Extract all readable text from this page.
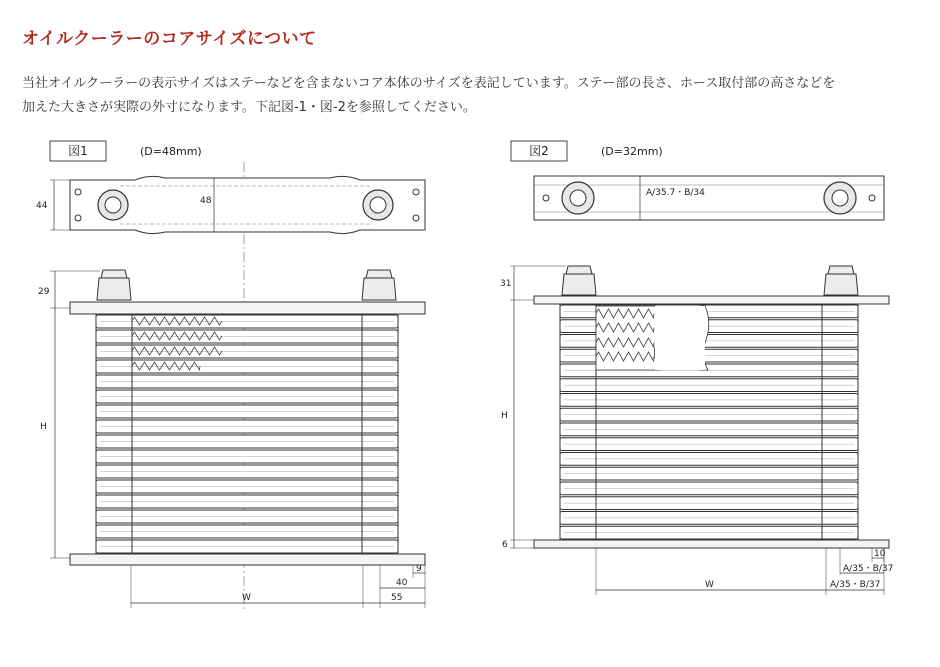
オイルクーラーのコアサイズについて
当社オイルクーラーの表示サイズはステーなどを含まないコア本体のサイズを表記しています。ステー部の長さ、ホース取付部の高さなどを
加えた大きさが実際の外寸になります。下記図-1・図-2を参照してください。
図1	(D=48mm)
44	48
29
H
W
40
9
55
図2	(D=32mm)
A/35.7・B/34
31
H
6
W
10
A/35・B/37
A/35・B/37
